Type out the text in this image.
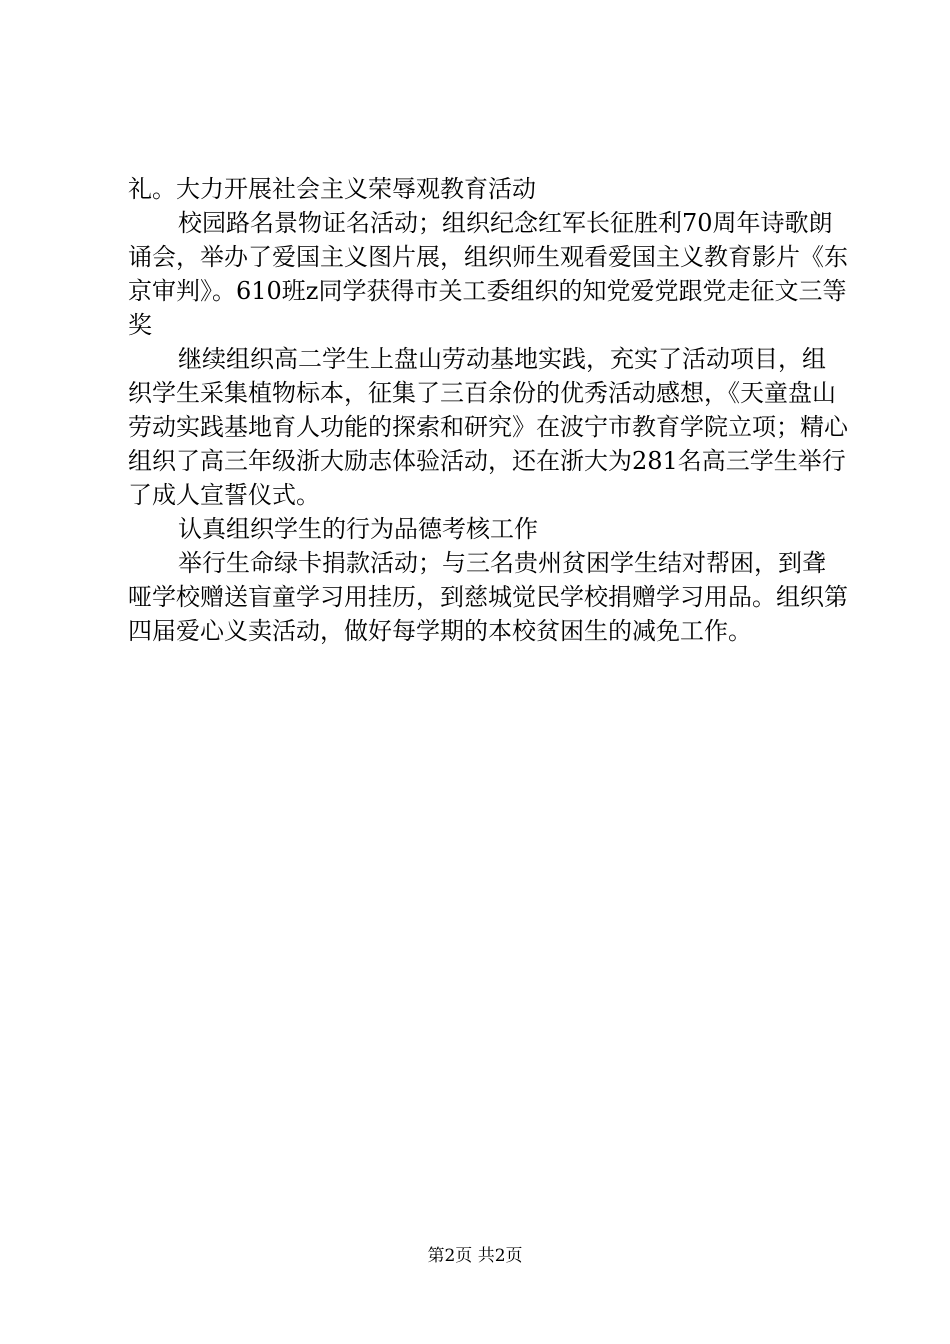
礼。大力开展社会主义荣辱观教育活动

校园路名景物证名活动；组织纪念红军长征胜利70周年诗歌朗诵会，举办了爱国主义图片展，组织师生观看爱国主义教育影片《东京审判》。610班z同学获得市关工委组织的知党爱党跟党走征文三等奖

继续组织高二学生上盘山劳动基地实践，充实了活动项目，组织学生采集植物标本，征集了三百余份的优秀活动感想，《天童盘山劳动实践基地育人功能的探索和研究》在波宁市教育学院立项；精心组织了高三年级浙大励志体验活动，还在浙大为281名高三学生举行了成人宣誓仪式。

认真组织学生的行为品德考核工作

举行生命绿卡捐款活动；与三名贵州贫困学生结对帮困，到聋哑学校赠送盲童学习用挂历，到慈城觉民学校捐赠学习用品。组织第四届爱心义卖活动，做好每学期的本校贫困生的减免工作。

第2页 共2页
